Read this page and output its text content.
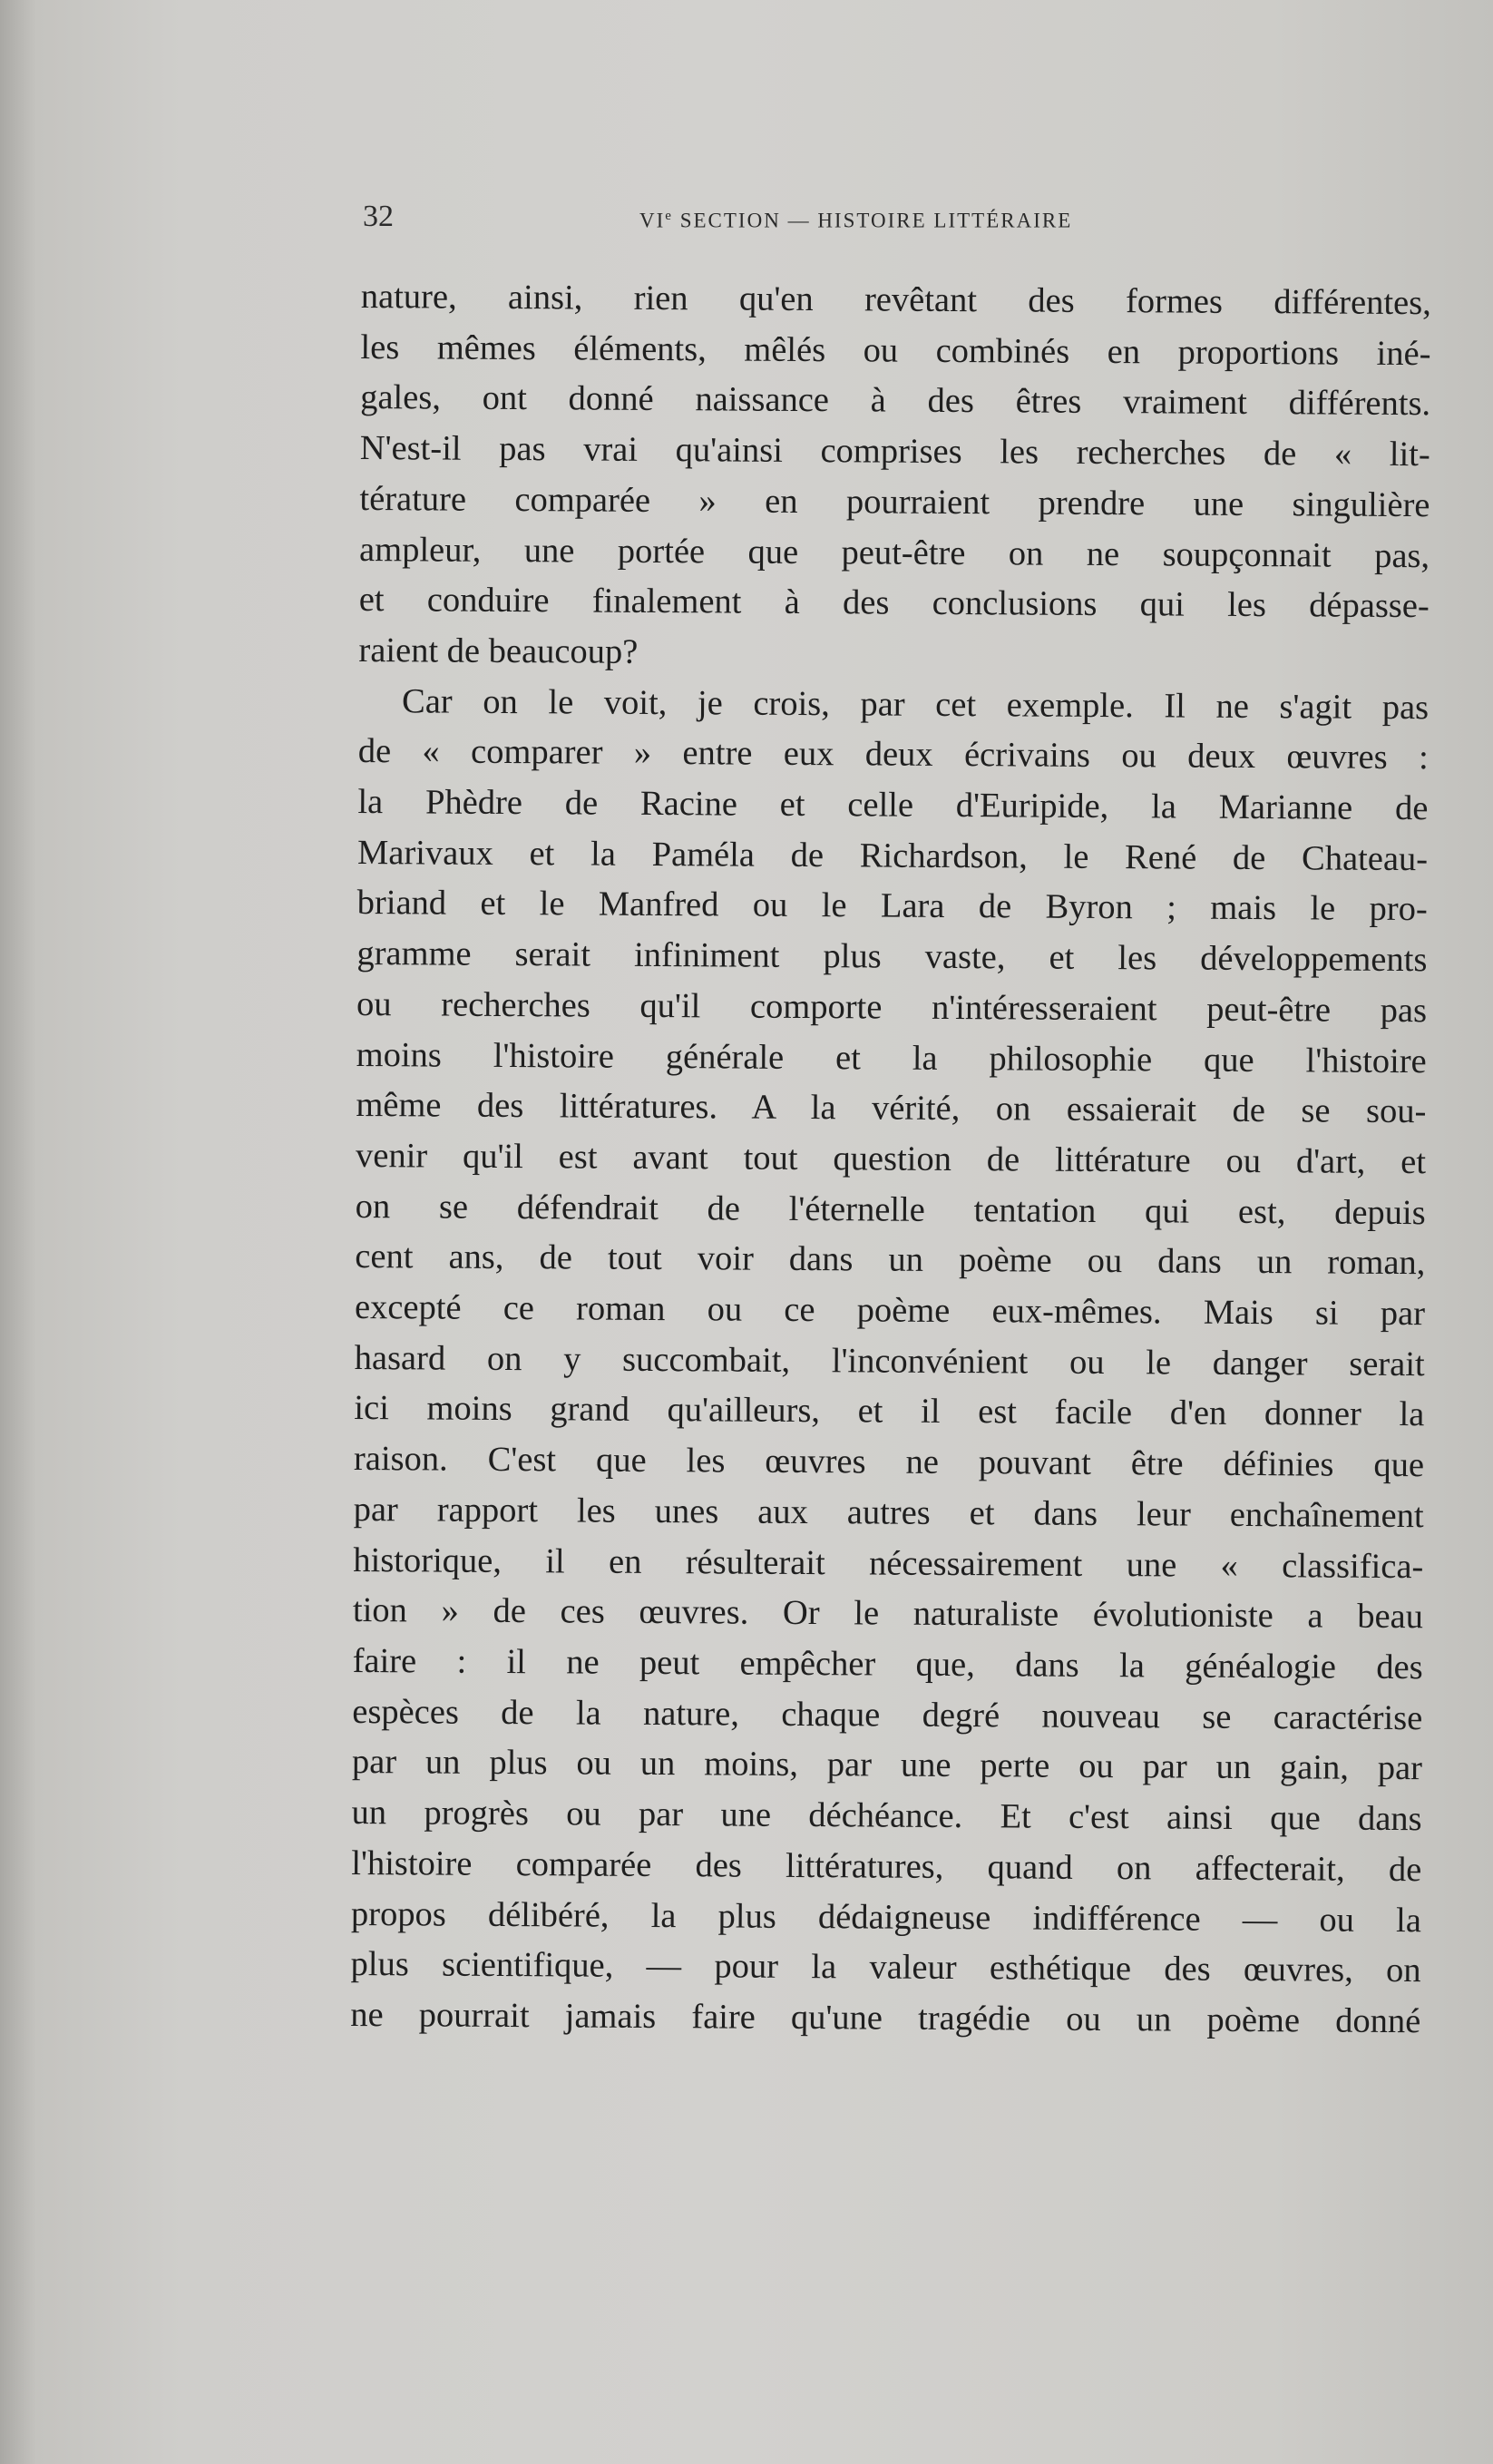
32	VIe SECTION — HISTOIRE LITTÉRAIRE
nature, ainsi, rien qu'en revêtant des formes différentes,
les mêmes éléments, mêlés ou combinés en proportions iné-
gales, ont donné naissance à des êtres vraiment différents.
N'est-il pas vrai qu'ainsi comprises les recherches de « lit-
térature comparée » en pourraient prendre une singulière
ampleur, une portée que peut-être on ne soupçonnait pas,
et conduire finalement à des conclusions qui les dépasse-
raient de beaucoup?
Car on le voit, je crois, par cet exemple. Il ne s'agit pas
de « comparer » entre eux deux écrivains ou deux œuvres :
la Phèdre de Racine et celle d'Euripide, la Marianne de
Marivaux et la Paméla de Richardson, le René de Chateau-
briand et le Manfred ou le Lara de Byron ; mais le pro-
gramme serait infiniment plus vaste, et les développements
ou recherches qu'il comporte n'intéresseraient peut-être pas
moins l'histoire générale et la philosophie que l'histoire
même des littératures. A la vérité, on essaierait de se sou-
venir qu'il est avant tout question de littérature ou d'art, et
on se défendrait de l'éternelle tentation qui est, depuis
cent ans, de tout voir dans un poème ou dans un roman,
excepté ce roman ou ce poème eux-mêmes. Mais si par
hasard on y succombait, l'inconvénient ou le danger serait
ici moins grand qu'ailleurs, et il est facile d'en donner la
raison. C'est que les œuvres ne pouvant être définies que
par rapport les unes aux autres et dans leur enchaînement
historique, il en résulterait nécessairement une « classifica-
tion » de ces œuvres. Or le naturaliste évolutioniste a beau
faire : il ne peut empêcher que, dans la généalogie des
espèces de la nature, chaque degré nouveau se caractérise
par un plus ou un moins, par une perte ou par un gain, par
un progrès ou par une déchéance. Et c'est ainsi que dans
l'histoire comparée des littératures, quand on affecterait, de
propos délibéré, la plus dédaigneuse indifférence — ou la
plus scientifique, — pour la valeur esthétique des œuvres, on
ne pourrait jamais faire qu'une tragédie ou un poème donné
